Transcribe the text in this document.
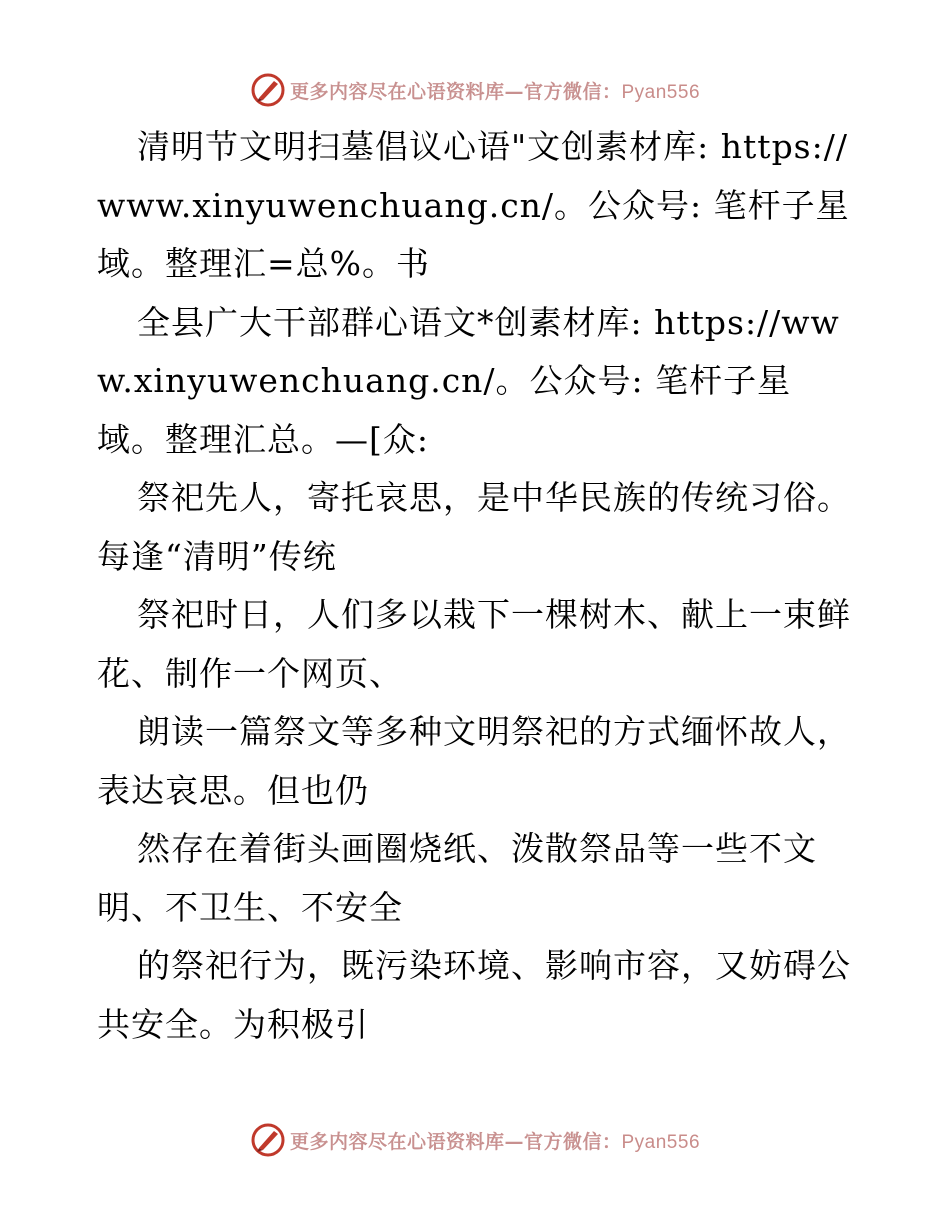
更多内容尽在心语资料库—官方微信：Pyan556

清明节文明扫墓倡议心语"文创素材库: https://www.xinyuwenchuang.cn/。公众号: 笔杆子星域。整理汇=总%。书

全县广大干部群心语文*创素材库: https://www.xinyuwenchuang.cn/。公众号: 笔杆子星域。整理汇总。—[众:

祭祀先人，寄托哀思，是中华民族的传统习俗。每逢“清明”传统

祭祀时日，人们多以栽下一棵树木、献上一束鲜花、制作一个网页、

朗读一篇祭文等多种文明祭祀的方式缅怀故人，表达哀思。但也仍

然存在着街头画圈烧纸、泼散祭品等一些不文明、不卫生、不安全

的祭祀行为，既污染环境、影响市容，又妨碍公共安全。为积极引

更多内容尽在心语资料库—官方微信：Pyan556
